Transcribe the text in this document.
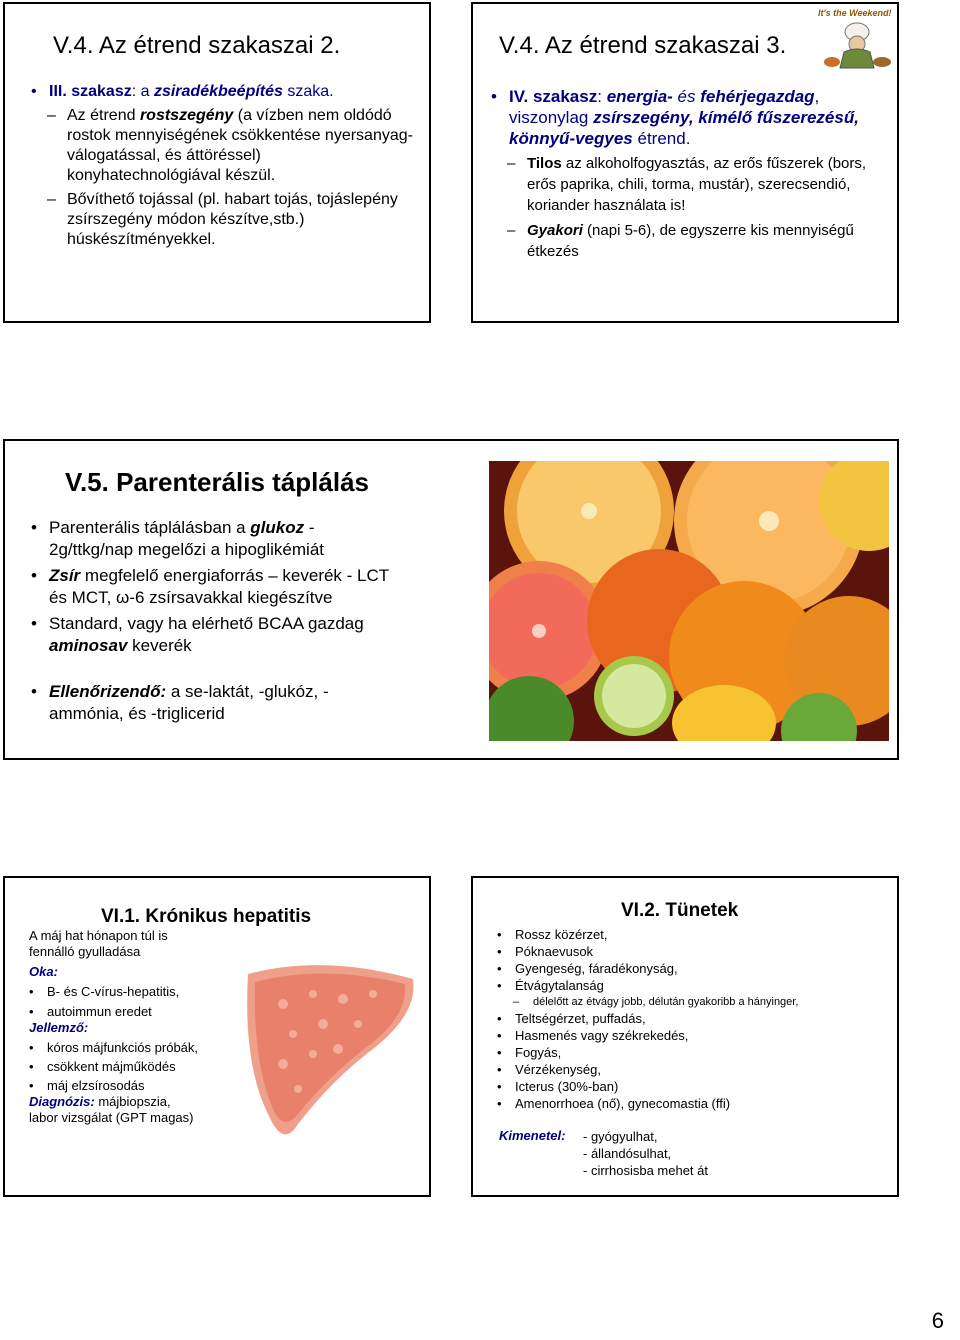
V.4. Az étrend szakaszai 2.
• III. szakasz: a zsiradékbeépítés szaka.
– Az étrend rostszegény (a vízben nem oldódó rostok mennyiségének csökkentése nyersanyag-válogatással, és áttöréssel) konyhatechnológiával készül.
– Bővíthető tojással (pl. habart tojás, tojáslepény zsírszegény módon készítve,stb.) húskészítményekkel.
V.4. Az étrend szakaszai 3.
It's the Weekend!
• IV. szakasz: energia- és fehérjegazdag, viszonylag zsírszegény, kímélő fűszerezésű, könnyű-vegyes étrend.
– Tilos az alkoholfogyasztás, az erős fűszerek (bors, erős paprika, chili, torma, mustár), szerecsendió, koriander használata is!
– Gyakori (napi 5-6), de egyszerre kis mennyiségű étkezés
V.5. Parenterális táplálás
• Parenterális táplálásban a glukoz - 2g/ttkg/nap megelőzi a hipoglikémiát
• Zsír megfelelő energiaforrás – keverék - LCT és MCT, ω-6 zsírsavakkal kiegészítve
• Standard, vagy ha elérhető BCAA gazdag aminosav keverék
• Ellenőrizendő: a se-laktát, -glukóz, -ammónia, és -triglicerid
VI.1. Krónikus hepatitis
A máj hat hónapon túl is fennálló gyulladása
Oka:
• B- és C-vírus-hepatitis,
• autoimmun eredet
Jellemző:
• kóros májfunkciós próbák,
• csökkent májműködés
• máj elzsírosodás
Diagnózis: májbiopszia, labor vizsgálat (GPT magas)
VI.2. Tünetek
• Rossz közérzet,
• Póknaevusok
• Gyengeség, fáradékonyság,
• Étvágytalanság
– délelőtt az étvágy jobb, délután gyakoribb a hányinger,
• Teltségérzet, puffadás,
• Hasmenés vagy székrekedés,
• Fogyás,
• Vérzékenység,
• Icterus (30%-ban)
• Amenorrhoea (nő), gynecomastia (ffi)
Kimenetel: - gyógyulhat,
- állandósulhat,
- cirrhosisba mehet át
6
